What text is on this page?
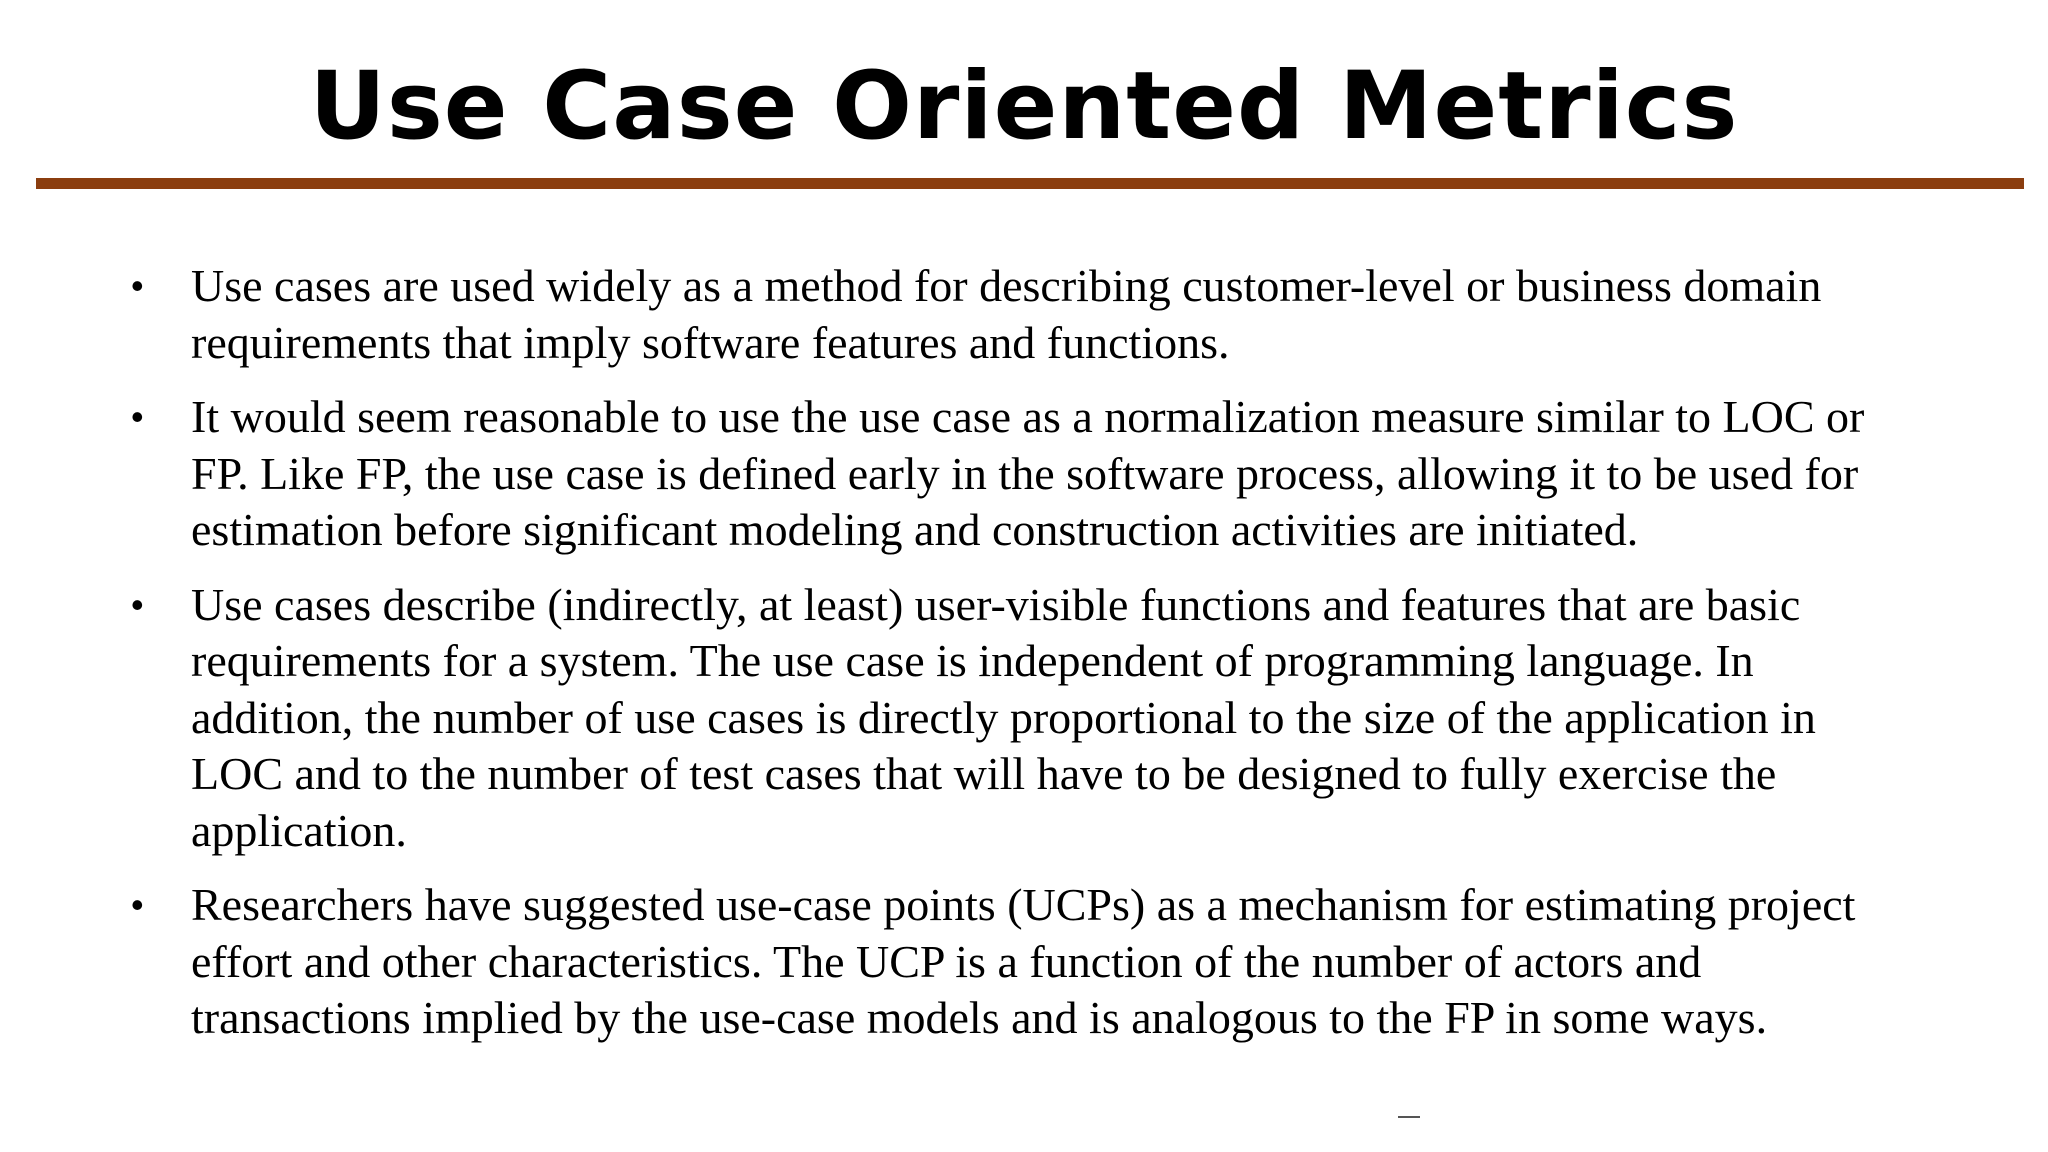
Use Case Oriented Metrics
• Use cases are used widely as a method for describing customer-level or business domain requirements that imply software features and functions.
• It would seem reasonable to use the use case as a normalization measure similar to LOC or FP. Like FP, the use case is defined early in the software process, allowing it to be used for estimation before significant modeling and construction activities are initiated.
• Use cases describe (indirectly, at least) user-visible functions and features that are basic requirements for a system. The use case is independent of programming language. In addition, the number of use cases is directly proportional to the size of the application in LOC and to the number of test cases that will have to be designed to fully exercise the application.
• Researchers have suggested use-case points (UCPs) as a mechanism for estimating project effort and other characteristics. The UCP is a function of the number of actors and transactions implied by the use-case models and is analogous to the FP in some ways.
